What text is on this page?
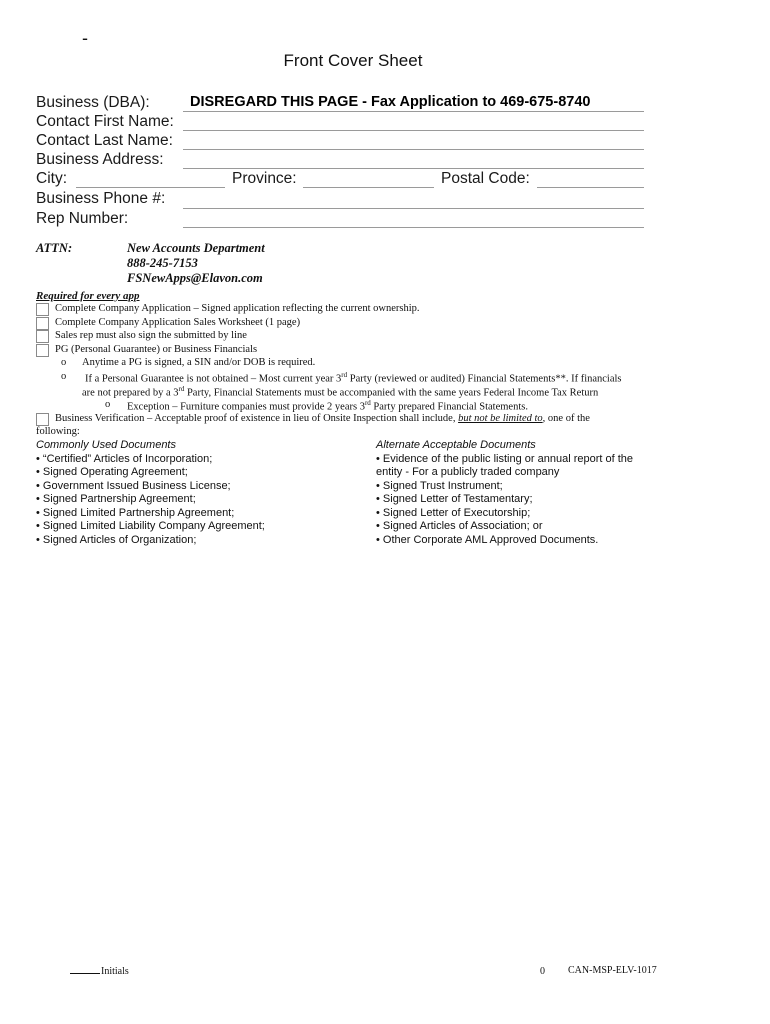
-
Front Cover Sheet
Business (DBA):	DISREGARD THIS PAGE - Fax Application to 469-675-8740
Contact First Name:
Contact Last Name:
Business Address:
City:	Province:	Postal Code:
Business Phone #:
Rep Number:
ATTN:	New Accounts Department
888-245-7153
FSNewApps@Elavon.com
Required for every app
Complete Company Application – Signed application reflecting the current ownership.
Complete Company Application Sales Worksheet (1 page)
Sales rep must also sign the submitted by line
PG (Personal Guarantee) or Business Financials
o Anytime a PG is signed, a SIN and/or DOB is required.
o If a Personal Guarantee is not obtained – Most current year 3rd Party (reviewed or audited) Financial Statements**. If financials
are not prepared by a 3rd Party, Financial Statements must be accompanied with the same years Federal Income Tax Return
o Exception – Furniture companies must provide 2 years 3rd Party prepared Financial Statements.
Business Verification – Acceptable proof of existence in lieu of Onsite Inspection shall include, but not be limited to, one of the
following:
Commonly Used Documents
• “Certified” Articles of Incorporation;
• Signed Operating Agreement;
• Government Issued Business License;
• Signed Partnership Agreement;
• Signed Limited Partnership Agreement;
• Signed Limited Liability Company Agreement;
• Signed Articles of Organization;
Alternate Acceptable Documents
• Evidence of the public listing or annual report of the
entity - For a publicly traded company
• Signed Trust Instrument;
• Signed Letter of Testamentary;
• Signed Letter of Executorship;
• Signed Articles of Association; or
• Other Corporate AML Approved Documents.
Initials	0 CAN-MSP-ELV-1017
